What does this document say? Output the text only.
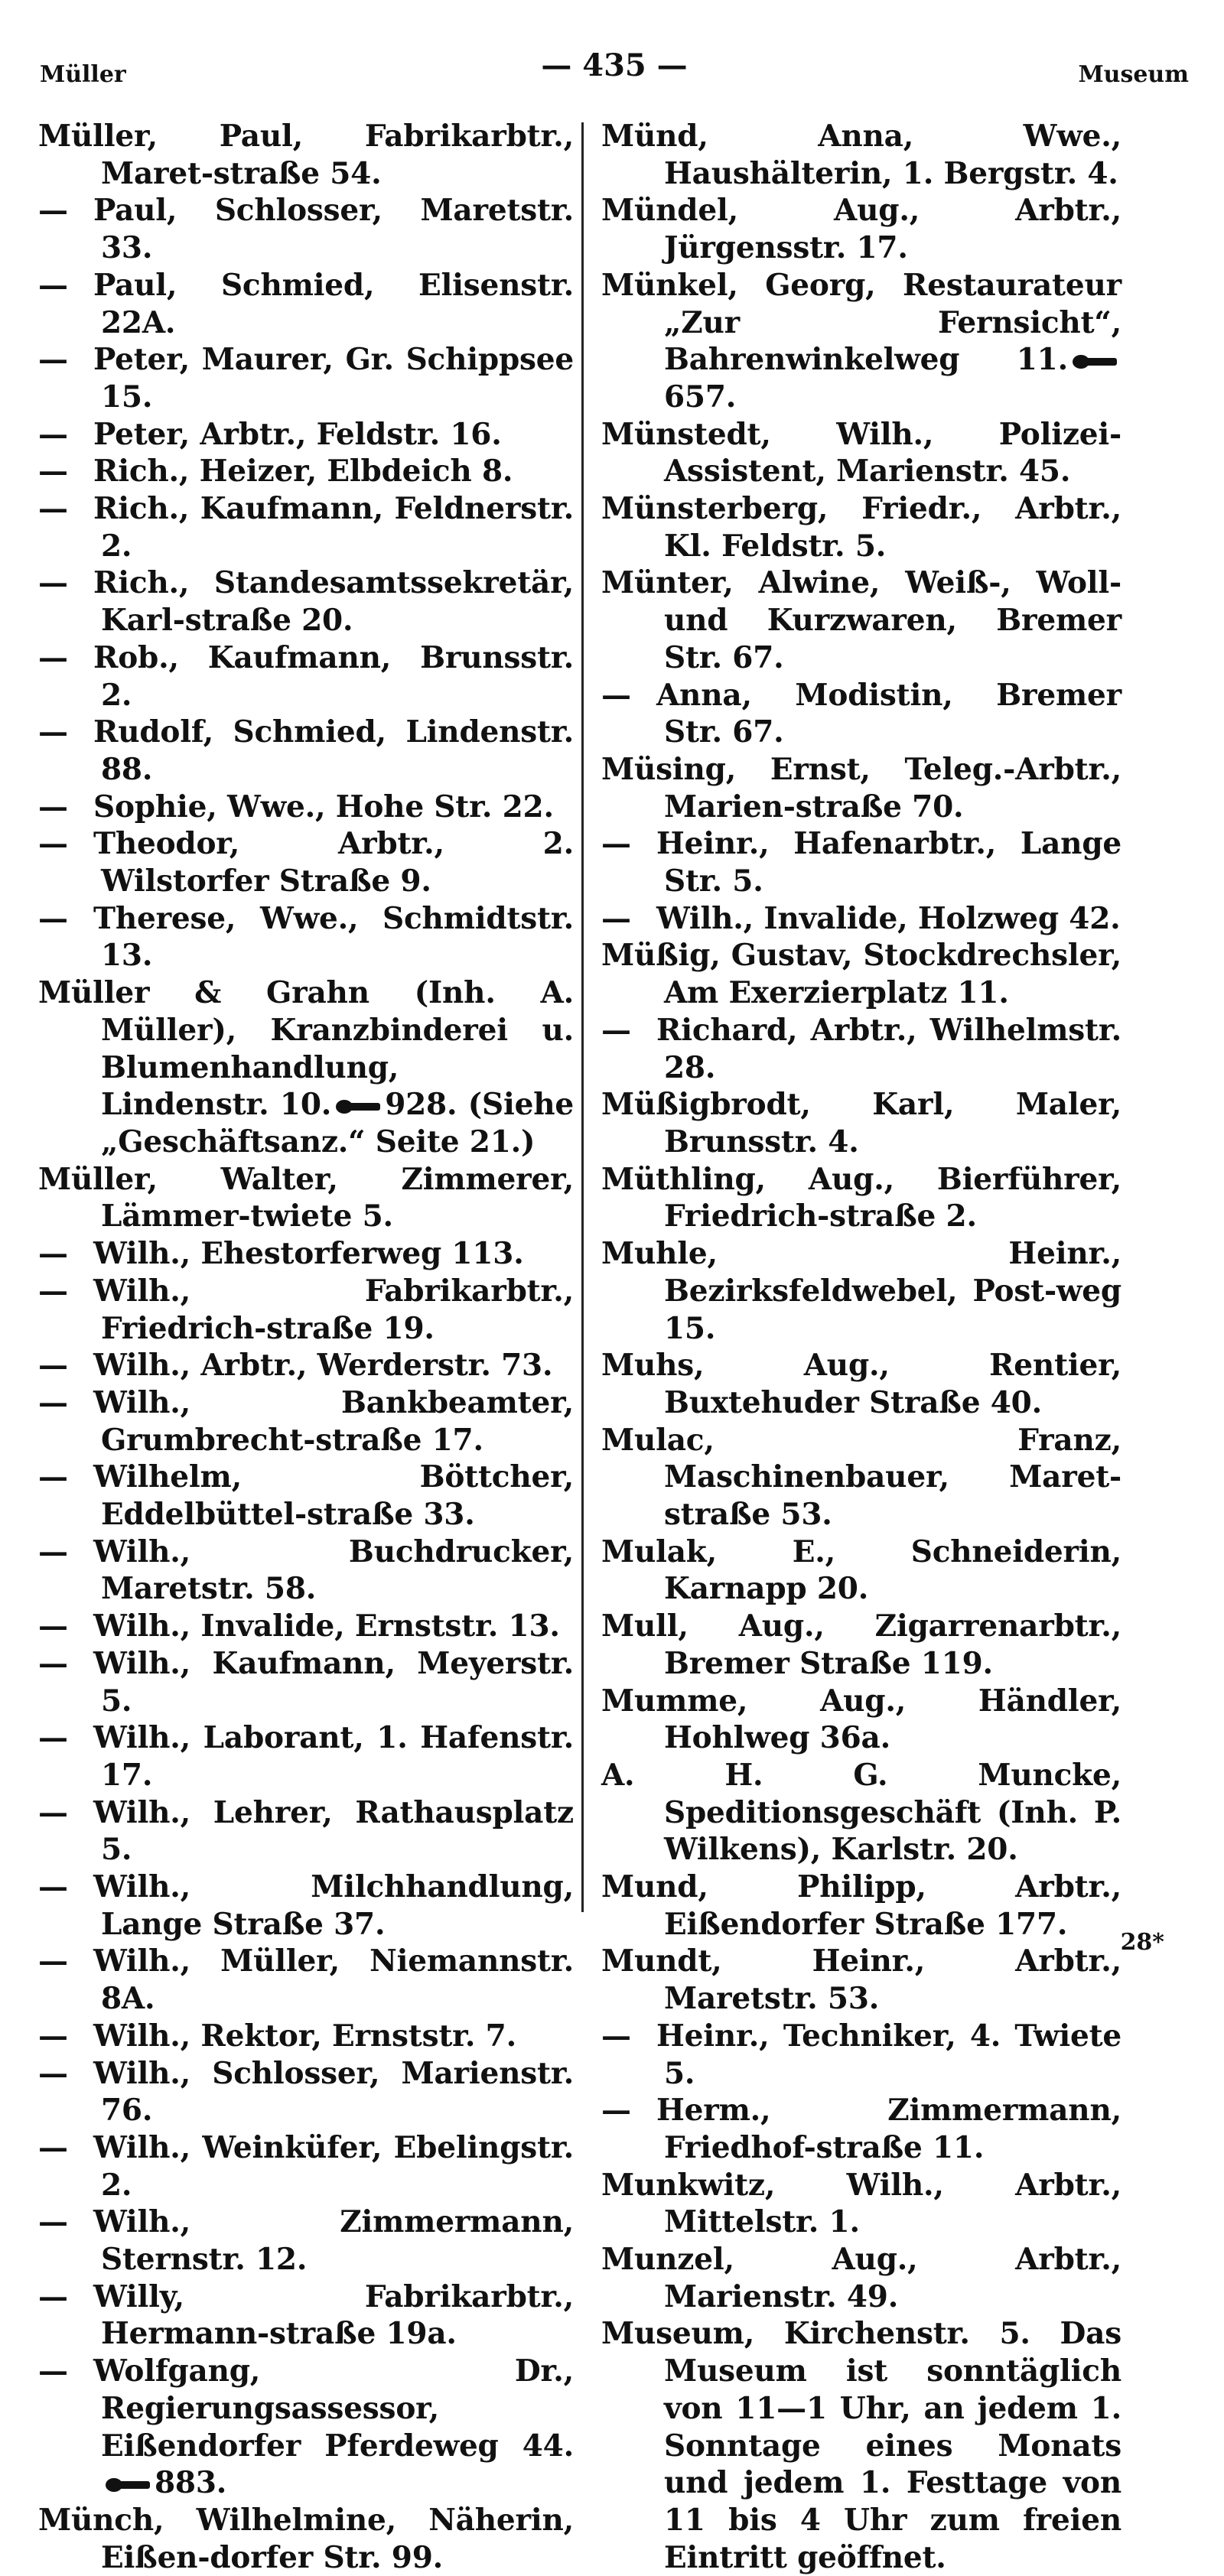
Müller	— 435 —	Museum
Müller, Paul, Fabrikarbtr., Maret-straße 54.
— Paul, Schlosser, Maretstr. 33.
— Paul, Schmied, Elisenstr. 22A.
— Peter, Maurer, Gr. Schippsee 15.
— Peter, Arbtr., Feldstr. 16.
— Rich., Heizer, Elbdeich 8.
— Rich., Kaufmann, Feldnerstr. 2.
— Rich., Standesamtssekretär, Karl-straße 20.
— Rob., Kaufmann, Brunsstr. 2.
— Rudolf, Schmied, Lindenstr. 88.
— Sophie, Wwe., Hohe Str. 22.
— Theodor, Arbtr., 2. Wilstorfer Straße 9.
— Therese, Wwe., Schmidtstr. 13.
Müller & Grahn (Inh. A. Müller), Kranzbinderei u. Blumenhandlung, Lindenstr. 10. 928. (Siehe „Geschäftsanz.“ Seite 21.)
Müller, Walter, Zimmerer, Lämmer-twiete 5.
— Wilh., Ehestorferweg 113.
— Wilh., Fabrikarbtr., Friedrich-straße 19.
— Wilh., Arbtr., Werderstr. 73.
— Wilh., Bankbeamter, Grumbrecht-straße 17.
— Wilhelm, Böttcher, Eddelbüttel-straße 33.
— Wilh., Buchdrucker, Maretstr. 58.
— Wilh., Invalide, Ernststr. 13.
— Wilh., Kaufmann, Meyerstr. 5.
— Wilh., Laborant, 1. Hafenstr. 17.
— Wilh., Lehrer, Rathausplatz 5.
— Wilh., Milchhandlung, Lange Straße 37.
— Wilh., Müller, Niemannstr. 8A.
— Wilh., Rektor, Ernststr. 7.
— Wilh., Schlosser, Marienstr. 76.
— Wilh., Weinküfer, Ebelingstr. 2.
— Wilh., Zimmermann, Sternstr. 12.
— Willy, Fabrikarbtr., Hermann-straße 19a.
— Wolfgang, Dr., Regierungsassessor, Eißendorfer Pferdeweg 44.883.
Münch, Wilhelmine, Näherin, Eißen-dorfer Str. 99.
Münd, Anna, Wwe., Haushälterin, 1. Bergstr. 4.
Mündel, Aug., Arbtr., Jürgensstr. 17.
Münkel, Georg, Restaurateur „Zur Fernsicht“, Bahrenwinkelweg 11.657.
Münstedt, Wilh., Polizei-Assistent, Marienstr. 45.
Münsterberg, Friedr., Arbtr., Kl. Feldstr. 5.
Münter, Alwine, Weiß-, Woll- und Kurzwaren, Bremer Str. 67.
— Anna, Modistin, Bremer Str. 67.
Müsing, Ernst, Teleg.-Arbtr., Marien-straße 70.
— Heinr., Hafenarbtr., Lange Str. 5.
— Wilh., Invalide, Holzweg 42.
Müßig, Gustav, Stockdrechsler, Am Exerzierplatz 11.
— Richard, Arbtr., Wilhelmstr. 28.
Müßigbrodt, Karl, Maler, Brunsstr. 4.
Müthling, Aug., Bierführer, Friedrich-straße 2.
Muhle, Heinr., Bezirksfeldwebel, Post-weg 15.
Muhs, Aug., Rentier, Buxtehuder Straße 40.
Mulac, Franz, Maschinenbauer, Maret-straße 53.
Mulak, E., Schneiderin, Karnapp 20.
Mull, Aug., Zigarrenarbtr., Bremer Straße 119.
Mumme, Aug., Händler, Hohlweg 36a.
A. H. G. Muncke, Speditionsgeschäft (Inh. P. Wilkens), Karlstr. 20.
Mund, Philipp, Arbtr., Eißendorfer Straße 177.
Mundt, Heinr., Arbtr., Maretstr. 53.
— Heinr., Techniker, 4. Twiete 5.
— Herm., Zimmermann, Friedhof-straße 11.
Munkwitz, Wilh., Arbtr., Mittelstr. 1.
Munzel, Aug., Arbtr., Marienstr. 49.
Museum, Kirchenstr. 5. Das Museum ist sonntäglich von 11—1 Uhr, an jedem 1. Sonntage eines Monats und jedem 1. Festtage von 11 bis 4 Uhr zum freien Eintritt geöffnet.
28*
